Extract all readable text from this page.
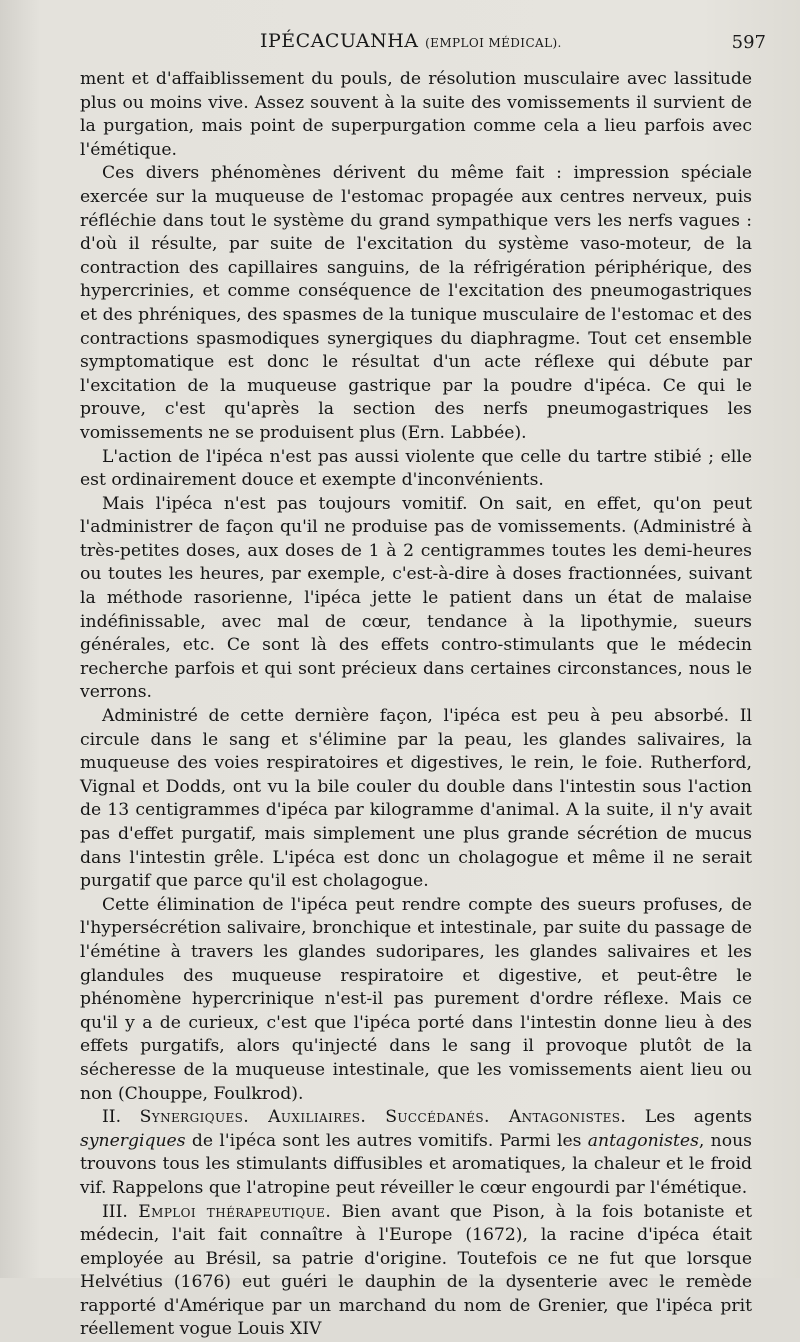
IPÉCACUANHA (EMPLOI MÉDICAL).	597

ment et d'affaiblissement du pouls, de résolution musculaire avec lassitude plus ou moins vive. Assez souvent à la suite des vomissements il survient de la purgation, mais point de superpurgation comme cela a lieu parfois avec l'émétique.

Ces divers phénomènes dérivent du même fait : impression spéciale exercée sur la muqueuse de l'estomac propagée aux centres nerveux, puis réfléchie dans tout le système du grand sympathique vers les nerfs vagues : d'où il résulte, par suite de l'excitation du système vaso-moteur, de la contraction des capillaires sanguins, de la réfrigération périphérique, des hypercrinies, et comme conséquence de l'excitation des pneumogastriques et des phréniques, des spasmes de la tunique musculaire de l'estomac et des contractions spasmodiques synergiques du diaphragme. Tout cet ensemble symptomatique est donc le résultat d'un acte réflexe qui débute par l'excitation de la muqueuse gastrique par la poudre d'ipéca. Ce qui le prouve, c'est qu'après la section des nerfs pneumogastriques les vomissements ne se produisent plus (Ern. Labbée).

L'action de l'ipéca n'est pas aussi violente que celle du tartre stibié ; elle est ordinairement douce et exempte d'inconvénients.

Mais l'ipéca n'est pas toujours vomitif. On sait, en effet, qu'on peut l'administrer de façon qu'il ne produise pas de vomissements. (Administré à très-petites doses, aux doses de 1 à 2 centigrammes toutes les demi-heures ou toutes les heures, par exemple, c'est-à-dire à doses fractionnées, suivant la méthode rasorienne, l'ipéca jette le patient dans un état de malaise indéfinissable, avec mal de cœur, tendance à la lipothymie, sueurs générales, etc. Ce sont là des effets contro-stimulants que le médecin recherche parfois et qui sont précieux dans certaines circonstances, nous le verrons.

Administré de cette dernière façon, l'ipéca est peu à peu absorbé. Il circule dans le sang et s'élimine par la peau, les glandes salivaires, la muqueuse des voies respiratoires et digestives, le rein, le foie. Rutherford, Vignal et Dodds, ont vu la bile couler du double dans l'intestin sous l'action de 13 centigrammes d'ipéca par kilogramme d'animal. A la suite, il n'y avait pas d'effet purgatif, mais simplement une plus grande sécrétion de mucus dans l'intestin grêle. L'ipéca est donc un cholagogue et même il ne serait purgatif que parce qu'il est cholagogue.

Cette élimination de l'ipéca peut rendre compte des sueurs profuses, de l'hypersécrétion salivaire, bronchique et intestinale, par suite du passage de l'émétine à travers les glandes sudoripares, les glandes salivaires et les glandules des muqueuse respiratoire et digestive, et peut-être le phénomène hypercrinique n'est-il pas purement d'ordre réflexe. Mais ce qu'il y a de curieux, c'est que l'ipéca porté dans l'intestin donne lieu à des effets purgatifs, alors qu'injecté dans le sang il provoque plutôt de la sécheresse de la muqueuse intestinale, que les vomissements aient lieu ou non (Chouppe, Foulkrod).

II. Synergiques. Auxiliaires. Succédanés. Antagonistes. Les agents synergiques de l'ipéca sont les autres vomitifs. Parmi les antagonistes, nous trouvons tous les stimulants diffusibles et aromatiques, la chaleur et le froid vif. Rappelons que l'atropine peut réveiller le cœur engourdi par l'émétique.

III. Emploi thérapeutique. Bien avant que Pison, à la fois botaniste et médecin, l'ait fait connaître à l'Europe (1672), la racine d'ipéca était employée au Brésil, sa patrie d'origine. Toutefois ce ne fut que lorsque Helvétius (1676) eut guéri le dauphin de la dysenterie avec le remède rapporté d'Amérique par un marchand du nom de Grenier, que l'ipéca prit réellement vogue Louis XIV
